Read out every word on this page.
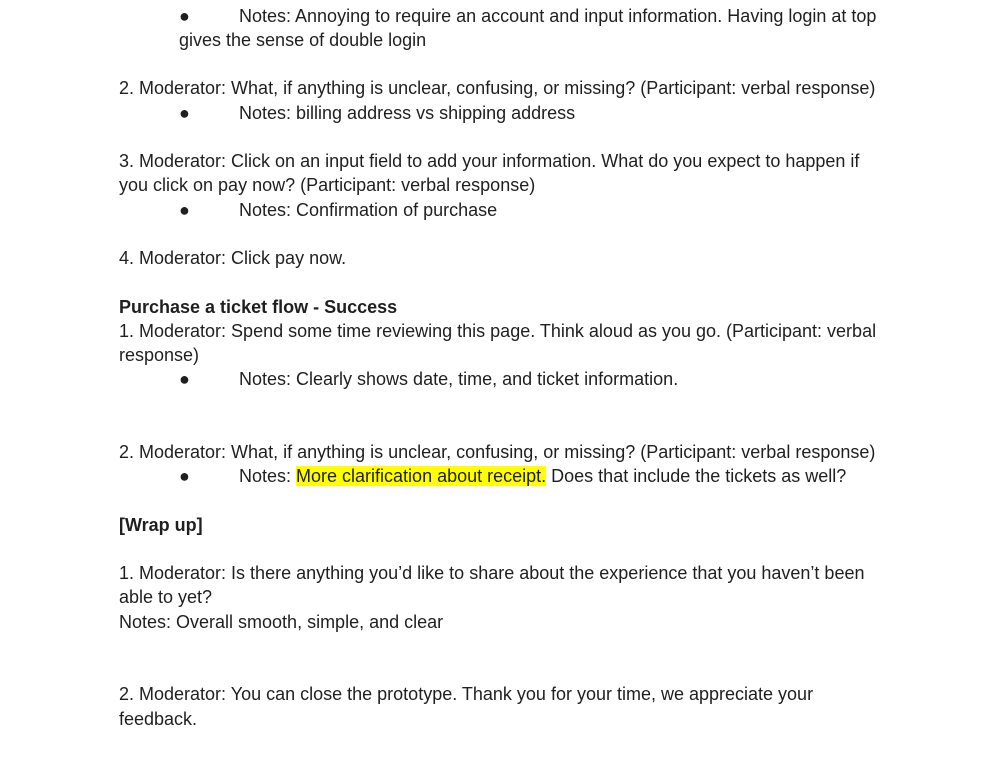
●	Notes: Annoying to require an account and input information. Having login at top
gives the sense of double login
2. Moderator: What, if anything is unclear, confusing, or missing? (Participant: verbal response)
●	Notes: billing address vs shipping address
3. Moderator: Click on an input field to add your information. What do you expect to happen if
you click on pay now? (Participant: verbal response)
●	Notes: Confirmation of purchase
4. Moderator: Click pay now.
Purchase a ticket flow - Success
1. Moderator: Spend some time reviewing this page. Think aloud as you go. (Participant: verbal
response)
●	Notes: Clearly shows date, time, and ticket information.
2. Moderator: What, if anything is unclear, confusing, or missing? (Participant: verbal response)
●	Notes: More clarification about receipt. Does that include the tickets as well?
[Wrap up]
1. Moderator: Is there anything you’d like to share about the experience that you haven’t been
able to yet?
Notes: Overall smooth, simple, and clear
2. Moderator: You can close the prototype. Thank you for your time, we appreciate your
feedback.
